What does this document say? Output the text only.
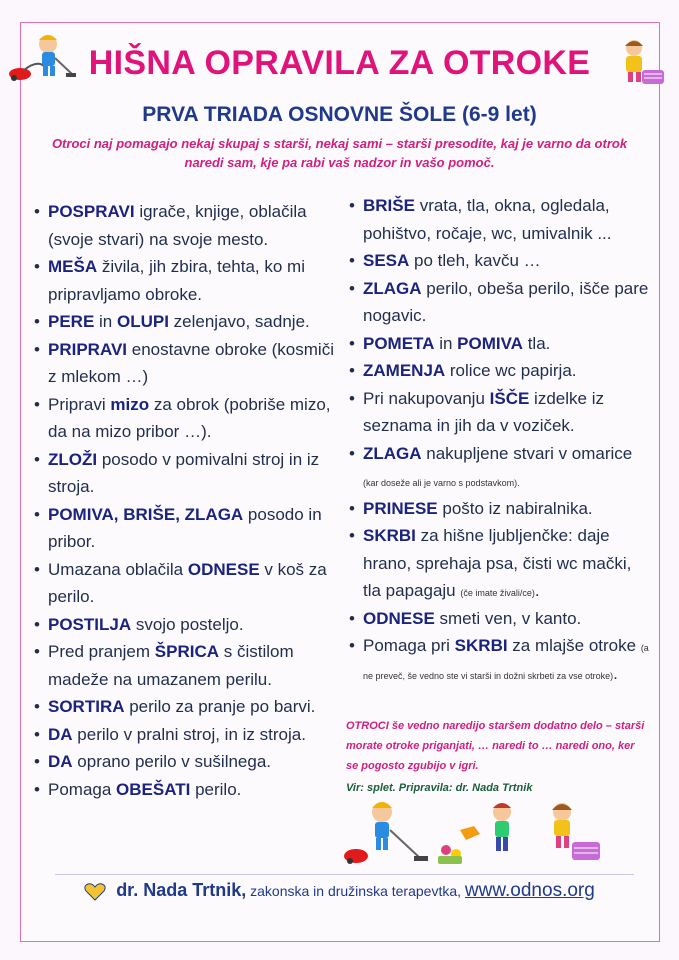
HIŠNA OPRAVILA ZA OTROKE
PRVA TRIADA OSNOVNE ŠOLE (6-9 let)
Otroci naj pomagajo nekaj skupaj s starši, nekaj sami – starši presodite, kaj je varno da otrok naredi sam, kje pa rabi vaš nadzor in vašo pomoč.
• POSPRAVI igrače, knjige, oblačila (svoje stvari) na svoje mesto.
• MEŠA živila, jih zbira, tehta, ko mi pripravljamo obroke.
• PERE in OLUPI zelenjavo, sadnje.
• PRIPRAVI enostavne obroke (kosmiči z mlekom …)
• Pripravi mizo za obrok (pobriše mizo, da na mizo pribor …).
• ZLOŽI posodo v pomivalni stroj in iz stroja.
• POMIVA, BRIŠE, ZLAGA posodo in pribor.
• Umazana oblačila ODNESE v koš za perilo.
• POSTILJA svojo posteljo.
• Pred pranjem ŠPRICA s čistilom madeže na umazanem perilu.
• SORTIRA perilo za pranje po barvi.
• DA perilo v pralni stroj, in iz stroja.
• DA oprano perilo v sušilnega.
• Pomaga OBEŠATI perilo.
• BRIŠE vrata, tla, okna, ogledala, pohištvo, ročaje, wc, umivalnik ...
• SESA po tleh, kavču …
• ZLAGA perilo, obeša perilo, išče pare nogavic.
• POMETA in POMIVA tla.
• ZAMENJA rolice wc papirja.
• Pri nakupovanju IŠČE izdelke iz seznama in jih da v voziček.
• ZLAGA nakupljene stvari v omarice (kar doseže ali je varno s podstavkom).
• PRINESE pošto iz nabiralnika.
• SKRBI za hišne ljubljenčke: daje hrano, sprehaja psa, čisti wc mački, tla papagaju (če imate živali/ce).
• ODNESE smeti ven, v kanto.
• Pomaga pri SKRBI za mlajše otroke (a ne preveč, še vedno ste vi starši in dožni skrbeti za vse otroke).
OTROCI še vedno naredijo staršem dodatno delo – starši morate otroke priganjati, … naredi to … naredi ono, ker se pogosto zgubijo v igri.
Vir: splet. Pripravila: dr. Nada Trtnik
dr. Nada Trtnik, zakonska in družinska terapevtka, www.odnos.org
